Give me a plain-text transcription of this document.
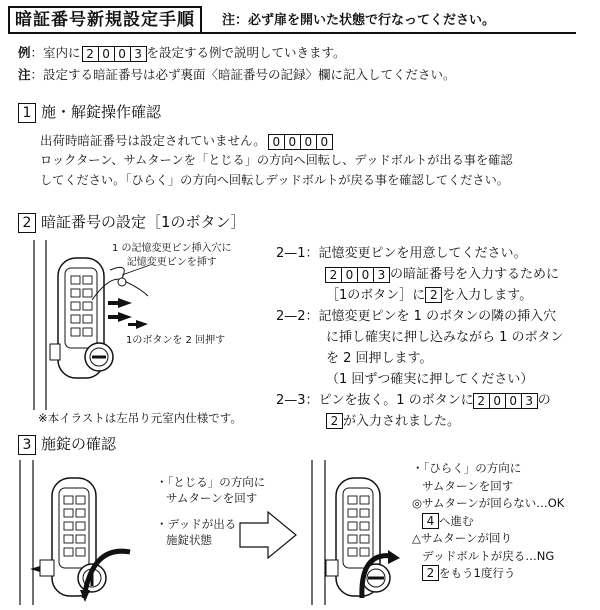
暗証番号新規設定手順	注：必ず扉を開いた状態で行なってください。
例：室内に 2 0 0 3 を設定する例で説明していきます。
注：設定する暗証番号は必ず裏面〈暗証番号の記録〉欄に記入してください。
1 施・解錠操作確認
出荷時暗証番号は設定されていません。 0 0 0 0
ロックターン、サムターンを「とじる」の方向へ回転し、デッドボルトが出る事を確認
してください。「ひらく」の方向へ回転しデッドボルトが戻る事を確認してください。
2 暗証番号の設定［1のボタン］
1 の記憶変更ピン挿入穴に
記憶変更ピンを挿す
1のボタンを 2 回押す
※本イラストは左吊り元室内仕様です。
2—1：記憶変更ピンを用意してください。
2 0 0 3 の暗証番号を入力するために
［1のボタン］に 2 を入力します。
2—2：記憶変更ピンを 1 のボタンの隣の挿入穴
に挿し確実に押し込みながら 1 のボタン
を 2 回押します。
（1 回ずつ確実に押してください）
2—3：ピンを抜く。1 のボタンに 2 0 0 3 の
2 が入力されました。
3 施錠の確認
・「とじる」の方向に
サムターンを回す
・デッドが出る
施錠状態
・「ひらく」の方向に
サムターンを回す
◎サムターンが回らない…OK
4 へ進む
△サムターンが回り
デッドボルトが戻る…NG
2 をもう1度行う
